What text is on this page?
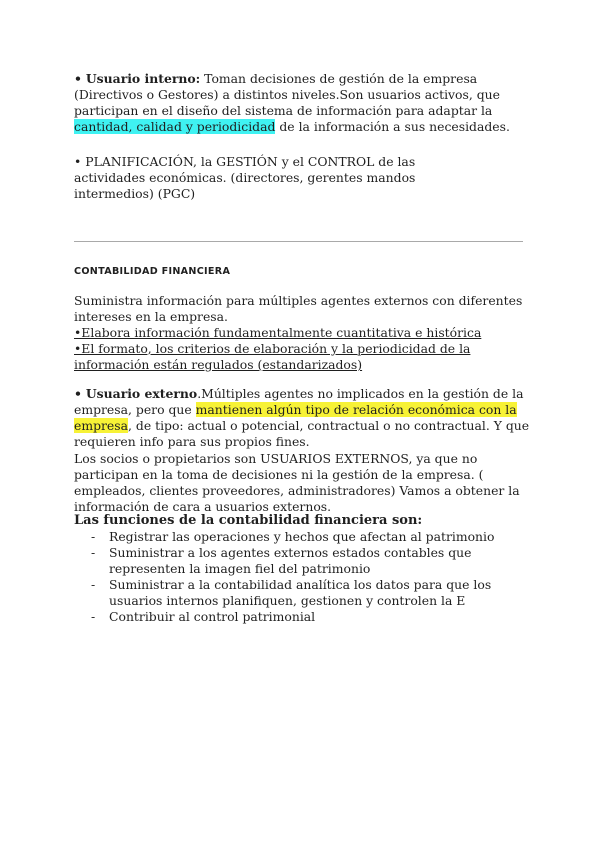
• Usuario interno: Toman decisiones de gestión de la empresa (Directivos o Gestores) a distintos niveles.Son usuarios activos, que participan en el diseño del sistema de información para adaptar la cantidad, calidad y periodicidad de la información a sus necesidades.

• PLANIFICACIÓN, la GESTIÓN y el CONTROL de las actividades económicas. (directores, gerentes mandos intermedios) (PGC)

CONTABILIDAD FINANCIERA
Suministra información para múltiples agentes externos con diferentes intereses en la empresa.
•Elabora información fundamentalmente cuantitativa e histórica
•El formato, los criterios de elaboración y la periodicidad de la información están regulados (estandarizados)

• Usuario externo.Múltiples agentes no implicados en la gestión de la empresa, pero que mantienen algún tipo de relación económica con la empresa, de tipo: actual o potencial, contractual o no contractual. Y que requieren info para sus propios fines.

Los socios o propietarios son USUARIOS EXTERNOS, ya que no participan en la toma de decisiones ni la gestión de la empresa. ( empleados, clientes proveedores, administradores) Vamos a obtener la información de cara a usuarios externos.

Las funciones de la contabilidad financiera son:
- Registrar las operaciones y hechos que afectan al patrimonio
- Suministrar a los agentes externos estados contables que representen la imagen fiel del patrimonio
- Suministrar a la contabilidad analítica los datos para que los usuarios internos planifiquen, gestionen y controlen la E
- Contribuir al control patrimonial
